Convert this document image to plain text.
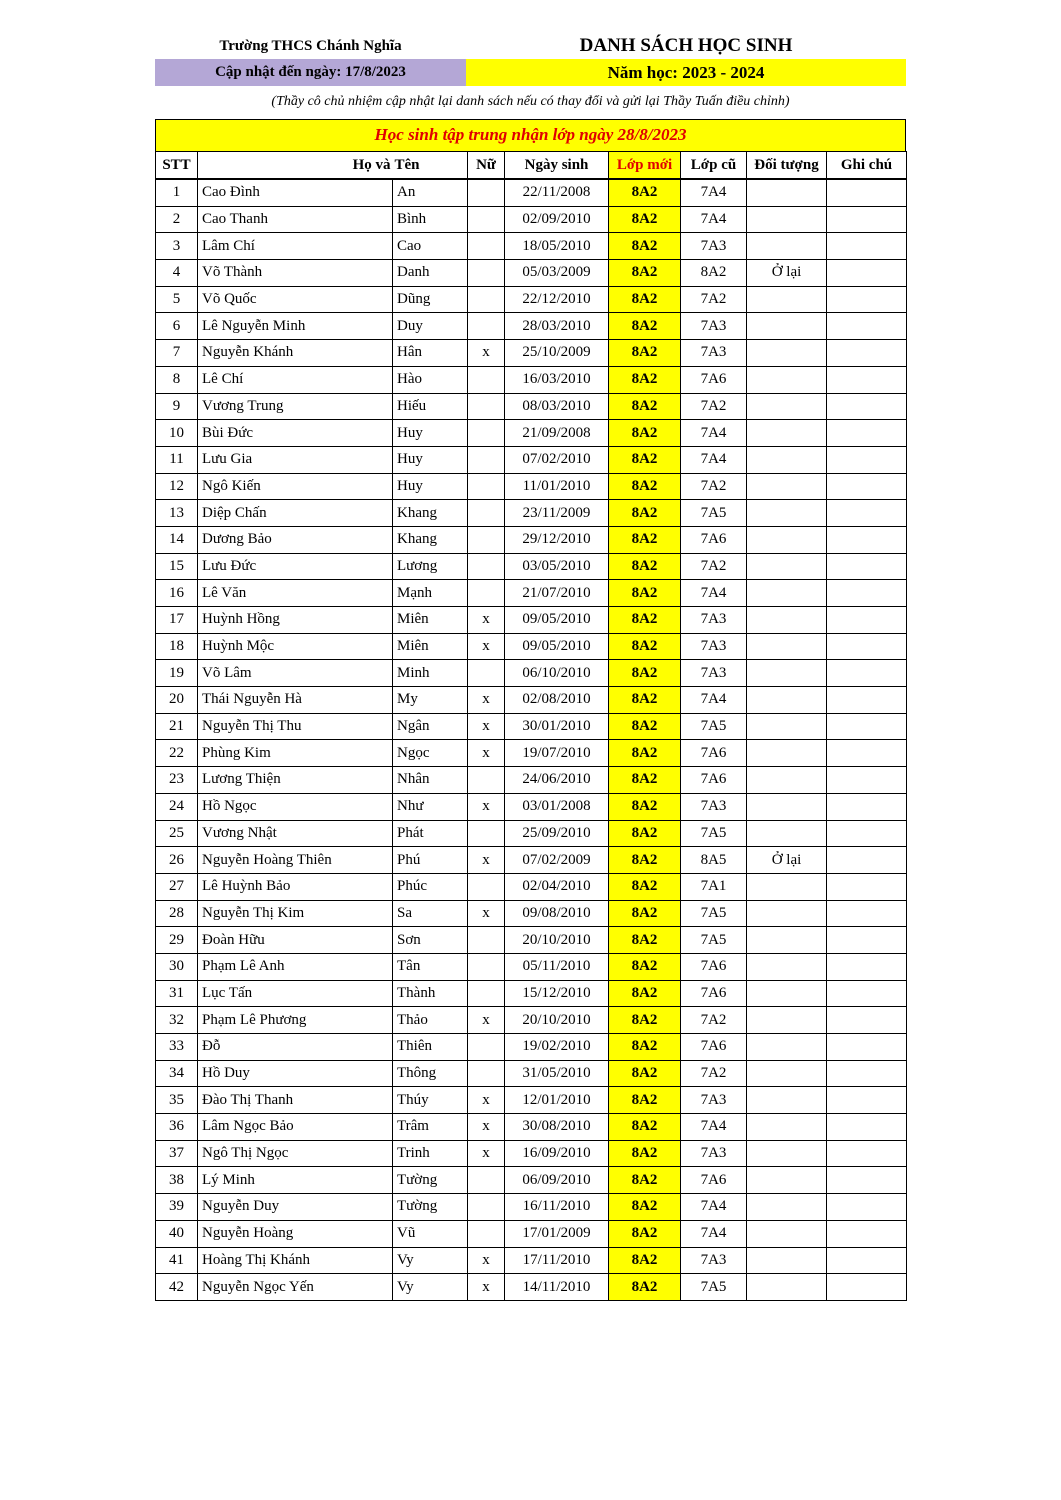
Trường THCS Chánh Nghĩa	DANH SÁCH HỌC SINH
Cập nhật đến ngày: 17/8/2023	Năm học: 2023 - 2024
(Thầy cô chủ nhiệm cập nhật lại danh sách nếu có thay đổi và gửi lại Thầy Tuấn điều chỉnh)
Học sinh tập trung nhận lớp ngày 28/8/2023
STT	Họ và	Tên	Nữ	Ngày sinh	Lớp mới	Lớp cũ	Đối tượng	Ghi chú
1	Cao Đình	An		22/11/2008	8A2	7A4		
2	Cao Thanh	Bình		02/09/2010	8A2	7A4		
3	Lâm Chí	Cao		18/05/2010	8A2	7A3		
4	Võ Thành	Danh		05/03/2009	8A2	8A2	Ở lại	
5	Võ Quốc	Dũng		22/12/2010	8A2	7A2		
6	Lê Nguyễn Minh	Duy		28/03/2010	8A2	7A3		
7	Nguyễn Khánh	Hân	x	25/10/2009	8A2	7A3		
8	Lê Chí	Hào		16/03/2010	8A2	7A6		
9	Vương Trung	Hiếu		08/03/2010	8A2	7A2		
10	Bùi Đức	Huy		21/09/2008	8A2	7A4		
11	Lưu Gia	Huy		07/02/2010	8A2	7A4		
12	Ngô Kiến	Huy		11/01/2010	8A2	7A2		
13	Diệp Chấn	Khang		23/11/2009	8A2	7A5		
14	Dương Bảo	Khang		29/12/2010	8A2	7A6		
15	Lưu Đức	Lương		03/05/2010	8A2	7A2		
16	Lê Văn	Mạnh		21/07/2010	8A2	7A4		
17	Huỳnh Hồng	Miên	x	09/05/2010	8A2	7A3		
18	Huỳnh Mộc	Miên	x	09/05/2010	8A2	7A3		
19	Võ Lâm	Minh		06/10/2010	8A2	7A3		
20	Thái Nguyễn Hà	My	x	02/08/2010	8A2	7A4		
21	Nguyễn Thị Thu	Ngân	x	30/01/2010	8A2	7A5		
22	Phùng Kim	Ngọc	x	19/07/2010	8A2	7A6		
23	Lương Thiện	Nhân		24/06/2010	8A2	7A6		
24	Hồ Ngọc	Như	x	03/01/2008	8A2	7A3		
25	Vương Nhật	Phát		25/09/2010	8A2	7A5		
26	Nguyễn Hoàng Thiên	Phú	x	07/02/2009	8A2	8A5	Ở lại	
27	Lê Huỳnh Bảo	Phúc		02/04/2010	8A2	7A1		
28	Nguyễn Thị Kim	Sa	x	09/08/2010	8A2	7A5		
29	Đoàn Hữu	Sơn		20/10/2010	8A2	7A5		
30	Phạm Lê Anh	Tân		05/11/2010	8A2	7A6		
31	Lục Tấn	Thành		15/12/2010	8A2	7A6		
32	Phạm Lê Phương	Thảo	x	20/10/2010	8A2	7A2		
33	Đỗ	Thiên		19/02/2010	8A2	7A6		
34	Hồ Duy	Thông		31/05/2010	8A2	7A2		
35	Đào Thị Thanh	Thúy	x	12/01/2010	8A2	7A3		
36	Lâm Ngọc Bảo	Trâm	x	30/08/2010	8A2	7A4		
37	Ngô Thị Ngọc	Trinh	x	16/09/2010	8A2	7A3		
38	Lý Minh	Tường		06/09/2010	8A2	7A6		
39	Nguyễn Duy	Tường		16/11/2010	8A2	7A4		
40	Nguyễn Hoàng	Vũ		17/01/2009	8A2	7A4		
41	Hoàng Thị Khánh	Vy	x	17/11/2010	8A2	7A3		
42	Nguyễn Ngọc Yến	Vy	x	14/11/2010	8A2	7A5		
